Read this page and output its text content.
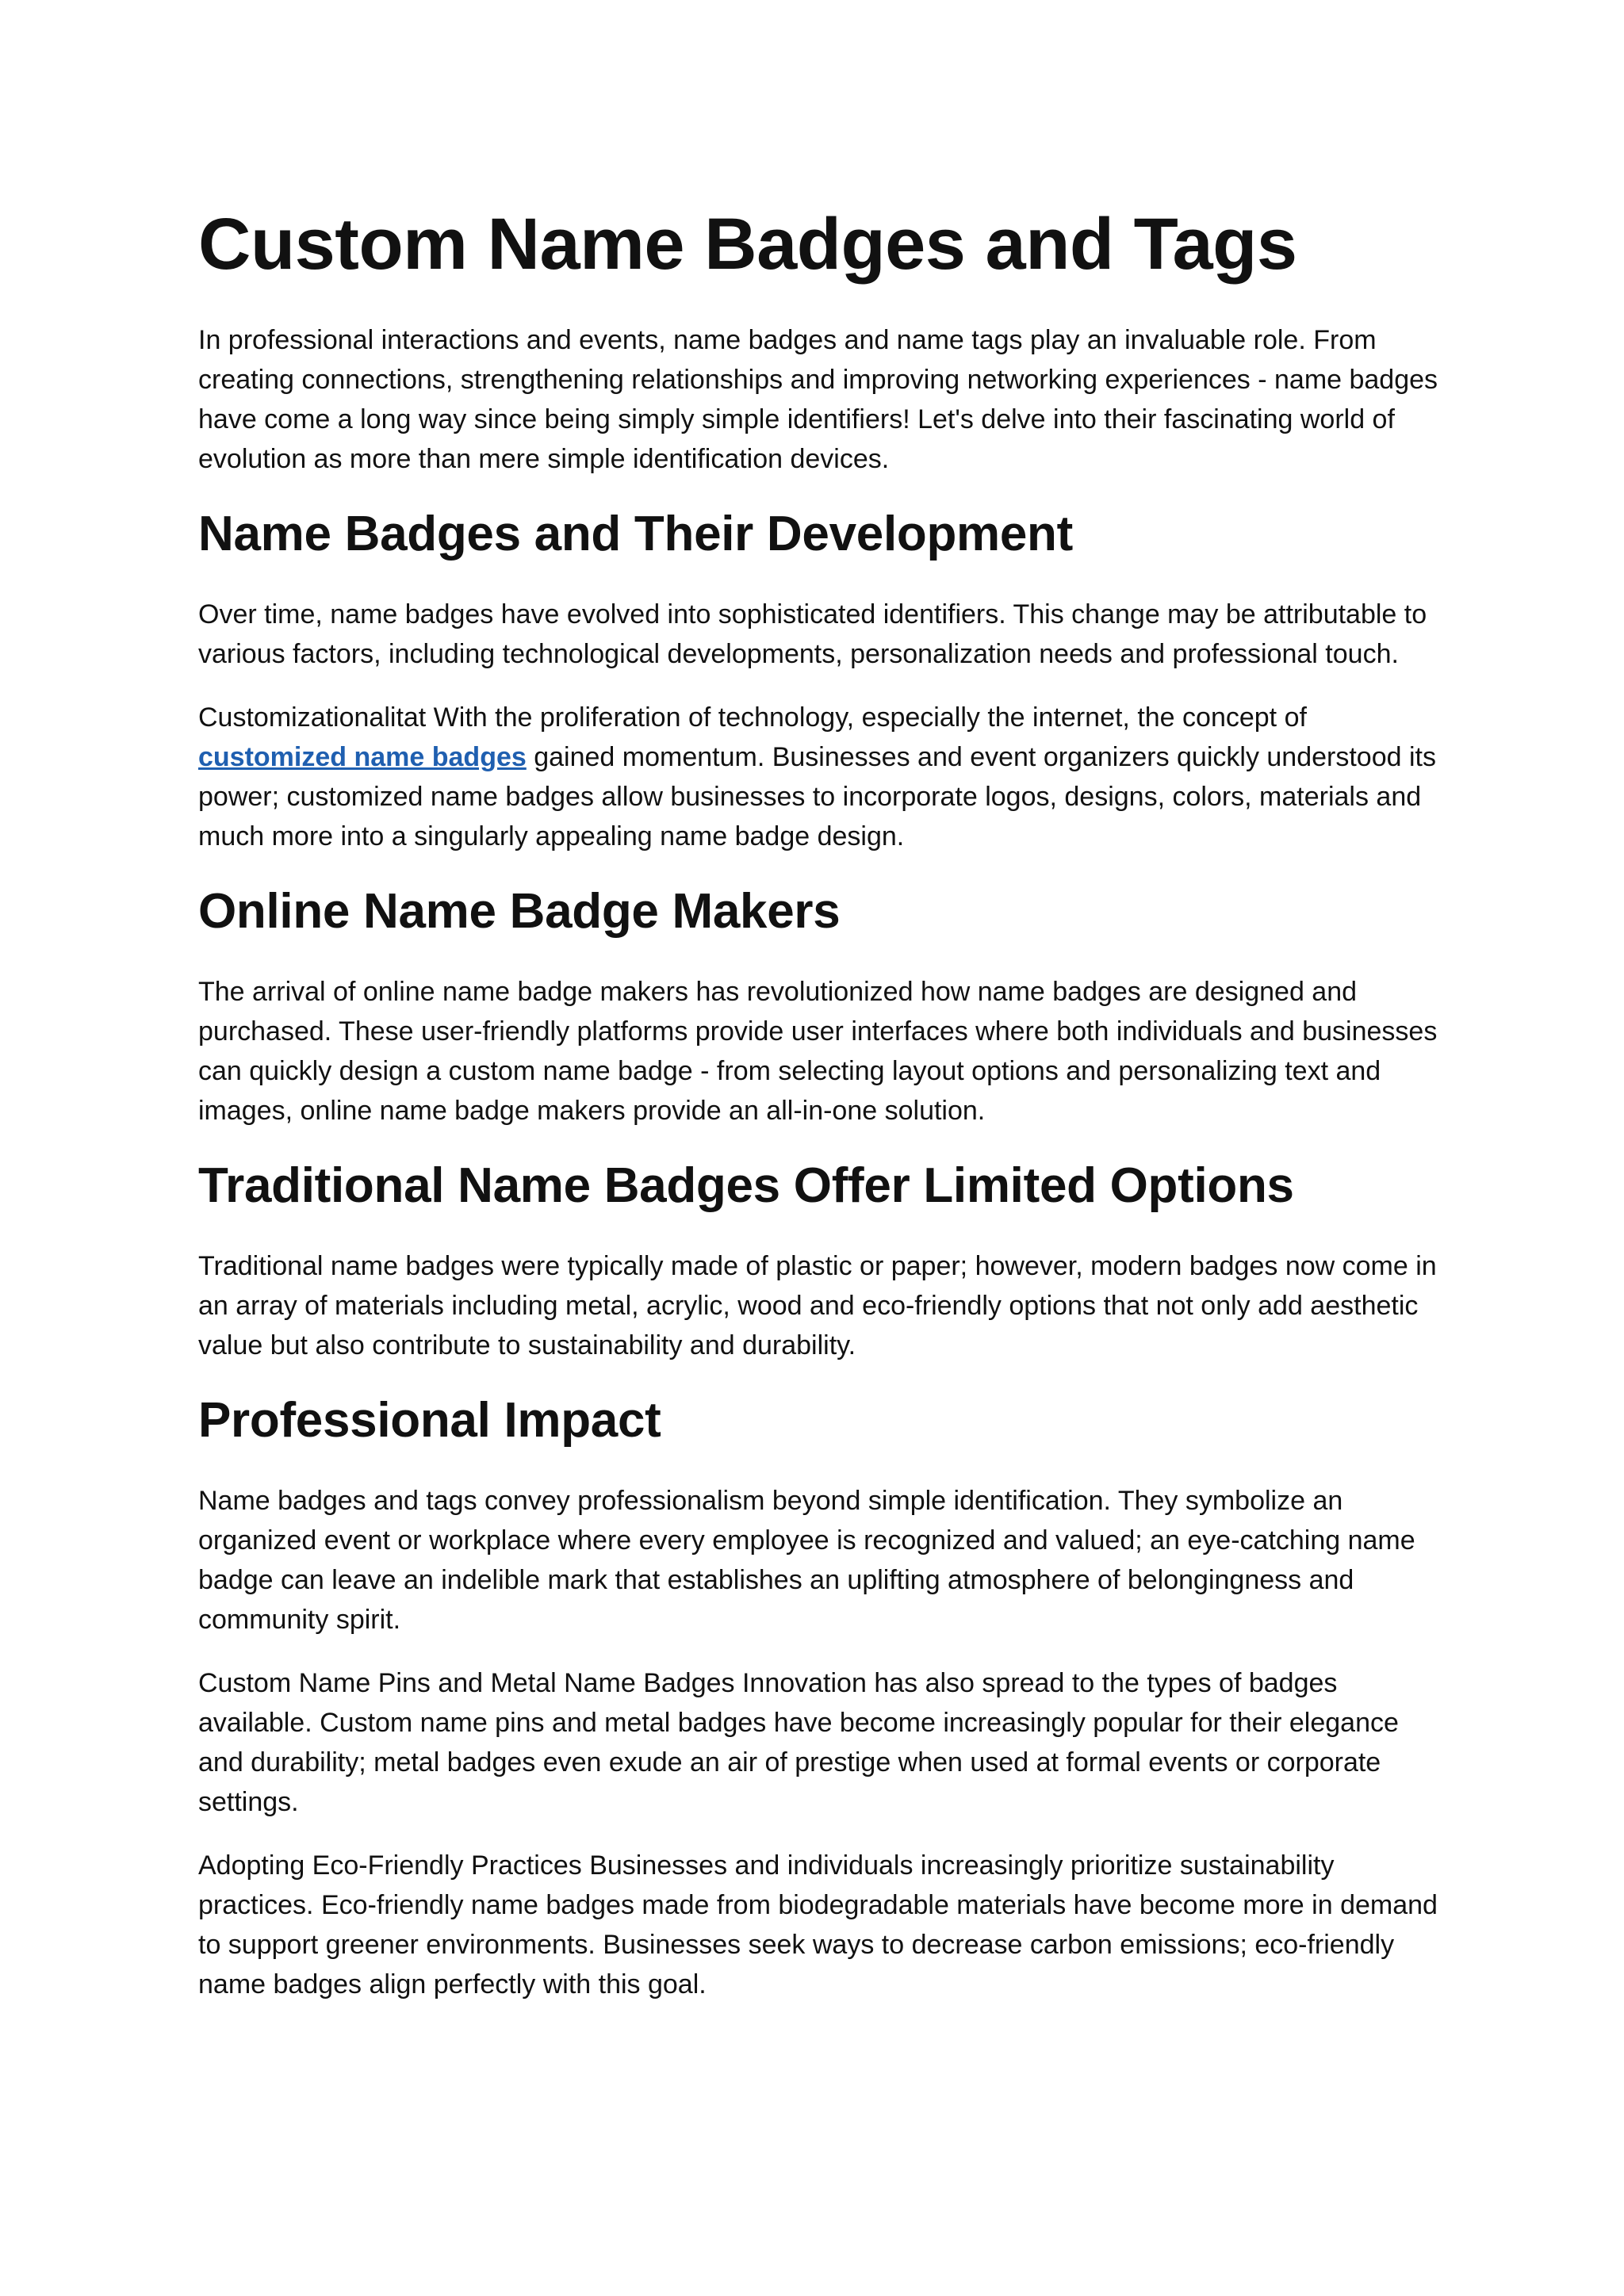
Custom Name Badges and Tags

In professional interactions and events, name badges and name tags play an invaluable role. From creating connections, strengthening relationships and improving networking experiences - name badges have come a long way since being simply simple identifiers! Let's delve into their fascinating world of evolution as more than mere simple identification devices.

Name Badges and Their Development

Over time, name badges have evolved into sophisticated identifiers. This change may be attributable to various factors, including technological developments, personalization needs and professional touch.

Customizationalitat With the proliferation of technology, especially the internet, the concept of customized name badges gained momentum. Businesses and event organizers quickly understood its power; customized name badges allow businesses to incorporate logos, designs, colors, materials and much more into a singularly appealing name badge design.

Online Name Badge Makers

The arrival of online name badge makers has revolutionized how name badges are designed and purchased. These user-friendly platforms provide user interfaces where both individuals and businesses can quickly design a custom name badge - from selecting layout options and personalizing text and images, online name badge makers provide an all-in-one solution.

Traditional Name Badges Offer Limited Options

Traditional name badges were typically made of plastic or paper; however, modern badges now come in an array of materials including metal, acrylic, wood and eco-friendly options that not only add aesthetic value but also contribute to sustainability and durability.

Professional Impact

Name badges and tags convey professionalism beyond simple identification. They symbolize an organized event or workplace where every employee is recognized and valued; an eye-catching name badge can leave an indelible mark that establishes an uplifting atmosphere of belongingness and community spirit.

Custom Name Pins and Metal Name Badges Innovation has also spread to the types of badges available. Custom name pins and metal badges have become increasingly popular for their elegance and durability; metal badges even exude an air of prestige when used at formal events or corporate settings.

Adopting Eco-Friendly Practices Businesses and individuals increasingly prioritize sustainability practices. Eco-friendly name badges made from biodegradable materials have become more in demand to support greener environments. Businesses seek ways to decrease carbon emissions; eco-friendly name badges align perfectly with this goal.
